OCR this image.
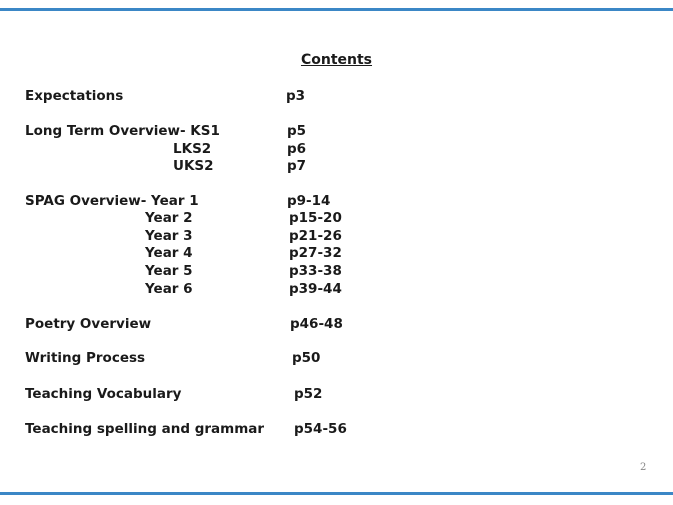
Contents
Expectations	p3
Long Term Overview- KS1	p5
LKS2	p6
UKS2	p7
SPAG Overview- Year 1	p9-14
Year 2	p15-20
Year 3	p21-26
Year 4	p27-32
Year 5	p33-38
Year 6	p39-44
Poetry Overview	p46-48
Writing Process	p50
Teaching Vocabulary	p52
Teaching spelling and grammar p54-56
2
